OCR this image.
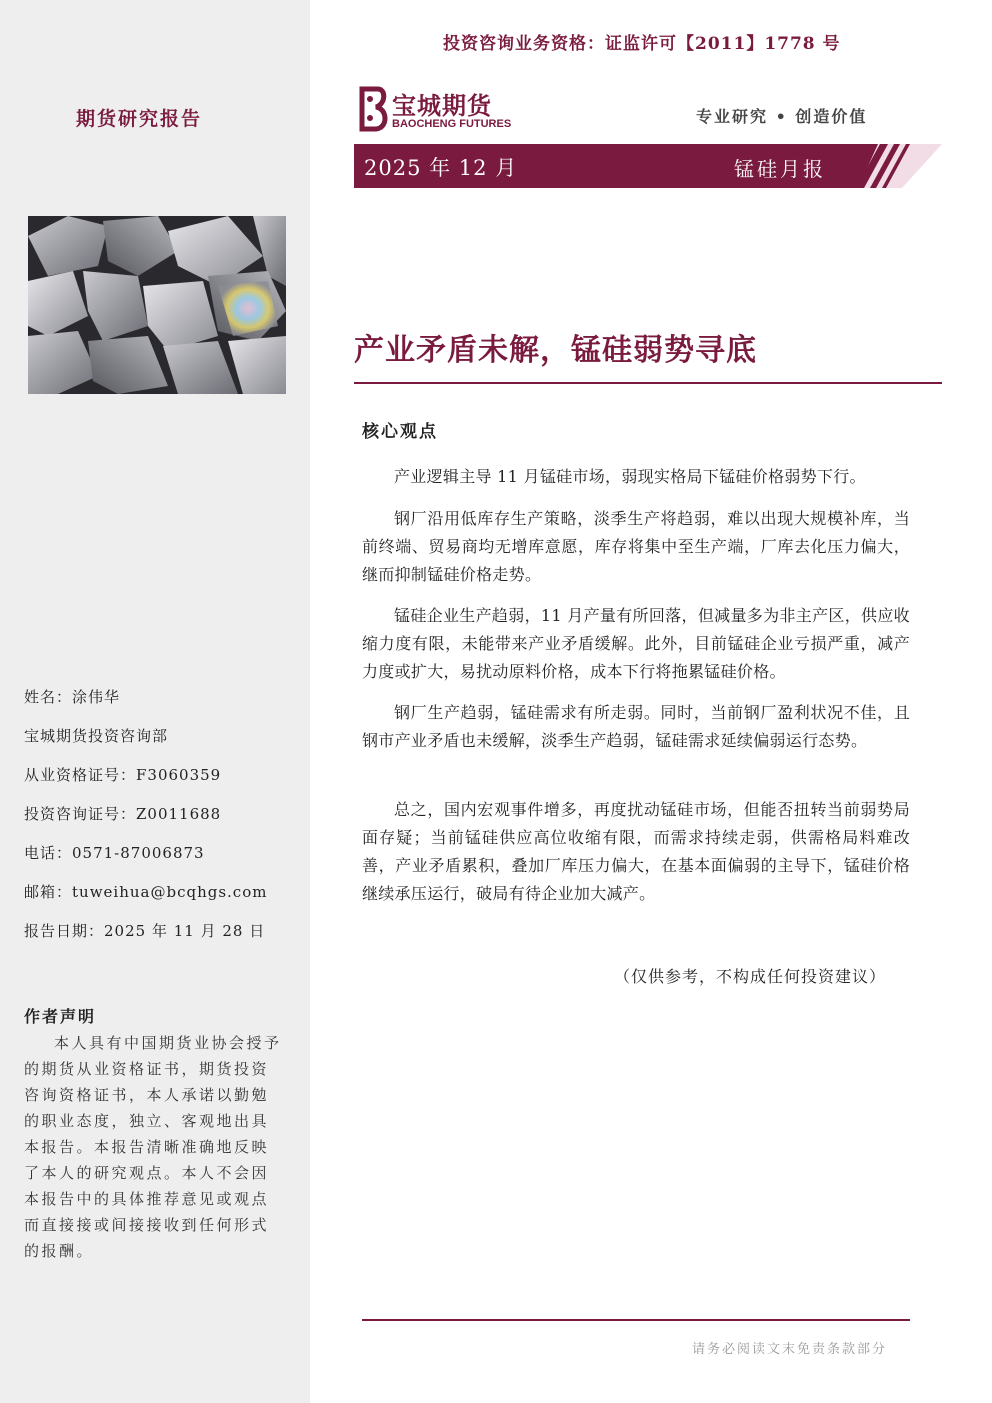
期货研究报告
姓名：涂伟华
宝城期货投资咨询部
从业资格证号：F3060359
投资咨询证号：Z0011688
电话：0571-87006873
邮箱：tuweihua@bcqhgs.com
报告日期：2025 年 11 月 28 日
作者声明
本人具有中国期货业协会授予的期货从业资格证书，期货投资咨询资格证书，本人承诺以勤勉的职业态度，独立、客观地出具本报告。本报告清晰准确地反映了本人的研究观点。本人不会因本报告中的具体推荐意见或观点而直接接或间接接收到任何形式的报酬。
投资咨询业务资格：证监许可【2011】1778 号
宝城期货
BAOCHENG FUTURES	专业研究 • 创造价值
2025 年 12 月	锰硅月报
产业矛盾未解，锰硅弱势寻底
核心观点
产业逻辑主导 11 月锰硅市场，弱现实格局下锰硅价格弱势下行。
钢厂沿用低库存生产策略，淡季生产将趋弱，难以出现大规模补库，当前终端、贸易商均无增库意愿，库存将集中至生产端，厂库去化压力偏大，继而抑制锰硅价格走势。
锰硅企业生产趋弱，11 月产量有所回落，但减量多为非主产区，供应收缩力度有限，未能带来产业矛盾缓解。此外，目前锰硅企业亏损严重，减产力度或扩大，易扰动原料价格，成本下行将拖累锰硅价格。
钢厂生产趋弱，锰硅需求有所走弱。同时，当前钢厂盈利状况不佳，且钢市产业矛盾也未缓解，淡季生产趋弱，锰硅需求延续偏弱运行态势。
总之，国内宏观事件增多，再度扰动锰硅市场，但能否扭转当前弱势局面存疑；当前锰硅供应高位收缩有限，而需求持续走弱，供需格局料难改善，产业矛盾累积，叠加厂库压力偏大，在基本面偏弱的主导下，锰硅价格继续承压运行，破局有待企业加大减产。
（仅供参考，不构成任何投资建议）
请务必阅读文末免责条款部分
